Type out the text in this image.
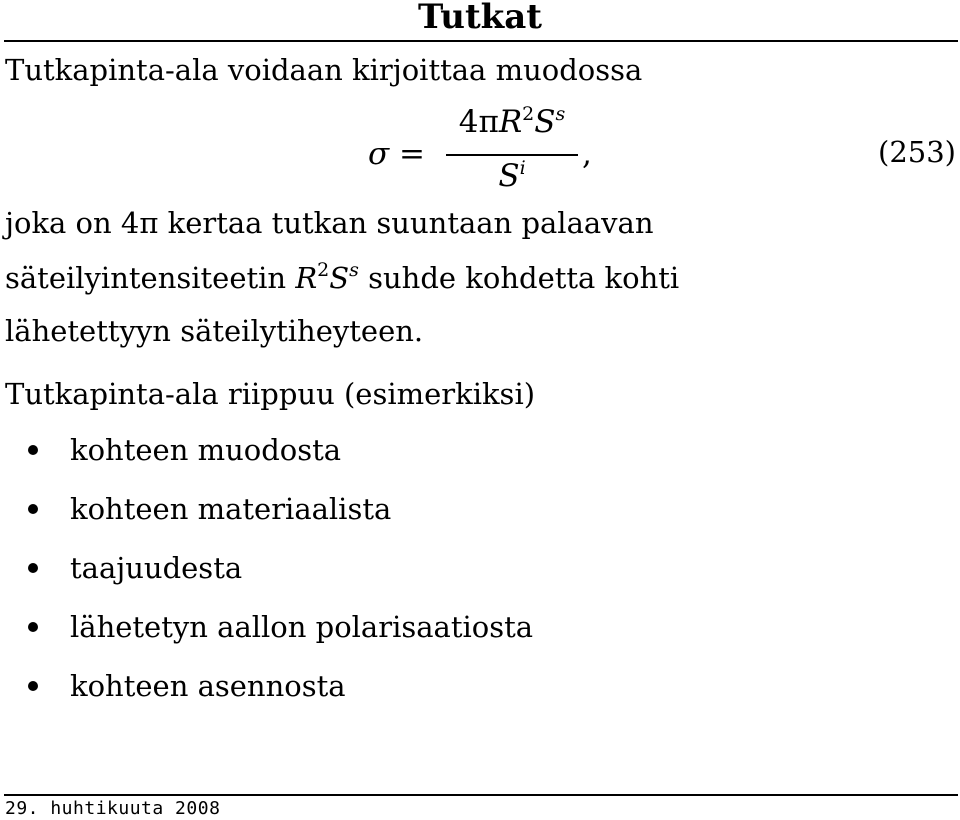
Tutkat
Tutkapinta-ala voidaan kirjoittaa muodossa
σ =
$4\pi R^2S^s$
$S^i$	,	(253)
joka on 4π kertaa tutkan suuntaan palaavan
säteilyintensiteetin $R^2S^s$ suhde kohdetta kohti
lähetettyyn säteilytiheyteen.
Tutkapinta-ala riippuu (esimerkiksi)
kohteen muodosta
kohteen materiaalista
taajuudesta
lähetetyn aallon polarisaatiosta
kohteen asennosta
29. huhtikuuta 2008
